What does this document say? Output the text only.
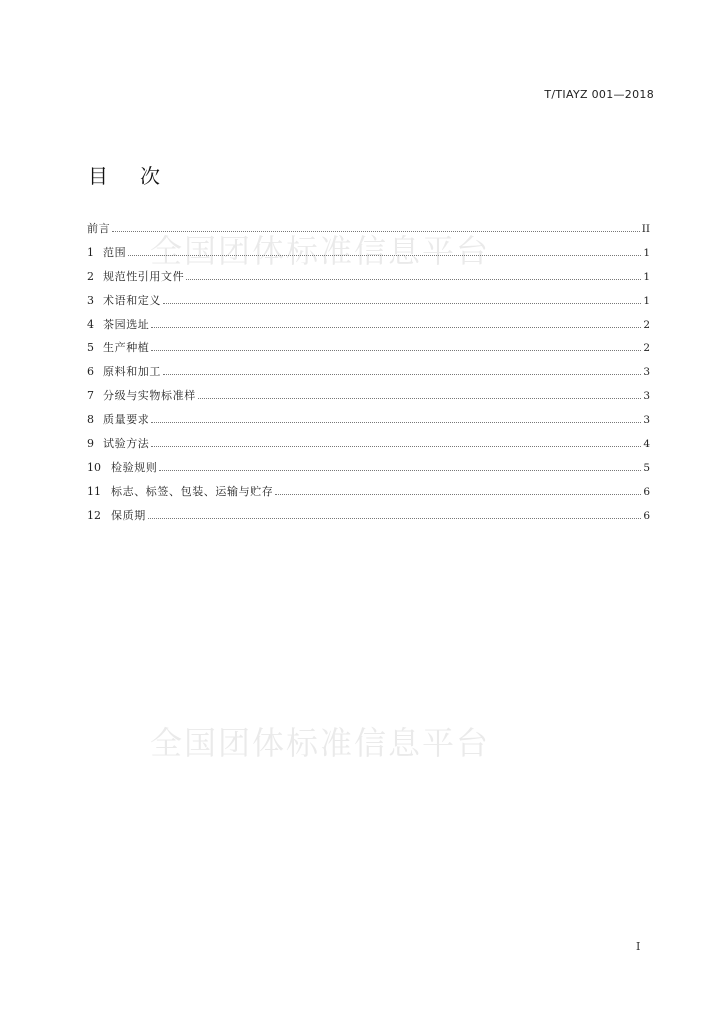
T/TIAYZ 001—2018
目 次
全国团体标准信息平台
全国团体标准信息平台
前言	II
1 范围	1
2 规范性引用文件	1
3 术语和定义	1
4 茶园选址	2
5 生产种植	2
6 原料和加工	3
7 分级与实物标准样	3
8 质量要求	3
9 试验方法	4
10 检验规则	5
11 标志、标签、包装、运输与贮存	6
12 保质期	6
I
